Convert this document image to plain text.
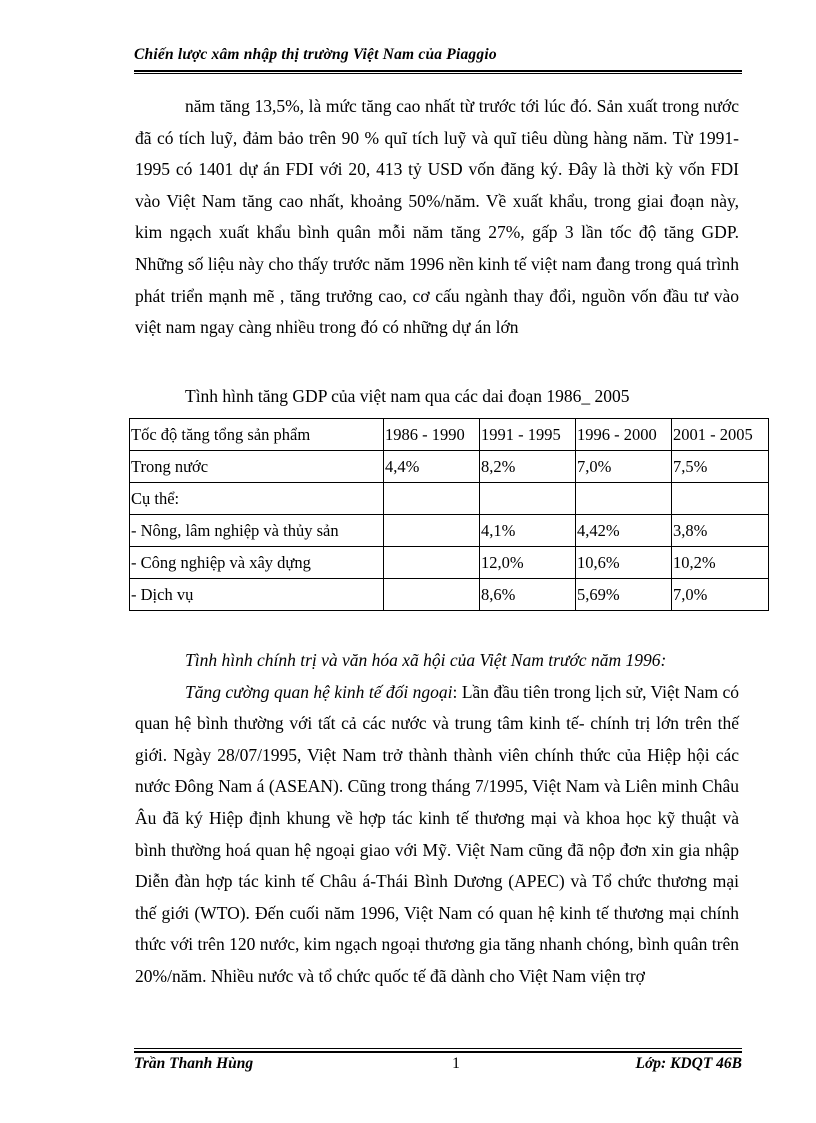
Chiến lược xâm nhập thị trường Việt Nam của Piaggio
năm tăng 13,5%, là mức tăng cao nhất từ trước tới lúc đó. Sản xuất trong nước đã có tích luỹ, đảm bảo trên 90 % quĩ tích luỹ và quĩ tiêu dùng hàng năm. Từ 1991- 1995 có 1401 dự án FDI với 20, 413 tỷ USD vốn đăng ký. Đây là thời kỳ vốn FDI vào Việt Nam tăng cao nhất, khoảng 50%/năm. Về xuất khẩu, trong giai đoạn này, kim ngạch xuất khẩu bình quân mỗi năm tăng 27%, gấp 3 lần tốc độ tăng GDP. Những số liệu này cho thấy trước năm 1996 nền kinh tế việt nam đang trong quá trình phát triển mạnh mẽ , tăng trưởng cao, cơ cấu ngành thay đổi, nguồn vốn đầu tư vào việt nam ngay càng nhiều trong đó có những dự án lớn
Tình hình tăng GDP của việt nam qua các dai đoạn 1986_ 2005
Tốc độ tăng tổng sản phẩm	1986 - 1990	1991 - 1995	1996 - 2000	2001 - 2005
Trong nước	4,4%	8,2%	7,0%	7,5%
Cụ thể:				
- Nông, lâm nghiệp và thủy sản		4,1%	4,42%	3,8%
- Công nghiệp và xây dựng		12,0%	10,6%	10,2%
- Dịch vụ		8,6%	5,69%	7,0%
Tình hình chính trị và văn hóa xã hội của Việt Nam trước năm 1996:
Tăng cường quan hệ kinh tế đối ngoại: Lần đầu tiên trong lịch sử, Việt Nam có quan hệ bình thường với tất cả các nước và trung tâm kinh tế- chính trị lớn trên thế giới. Ngày 28/07/1995, Việt Nam trở thành thành viên chính thức của Hiệp hội các nước Đông Nam á (ASEAN). Cũng trong tháng 7/1995, Việt Nam và Liên minh Châu Âu đã ký Hiệp định khung về hợp tác kinh tế thương mại và khoa học kỹ thuật và bình thường hoá quan hệ ngoại giao với Mỹ. Việt Nam cũng đã nộp đơn xin gia nhập Diễn đàn hợp tác kinh tế Châu á-Thái Bình Dương (APEC) và Tổ chức thương mại thế giới (WTO). Đến cuối năm 1996, Việt Nam có quan hệ kinh tế thương mại chính thức với trên 120 nước, kim ngạch ngoại thương gia tăng nhanh chóng, bình quân trên 20%/năm. Nhiều nước và tổ chức quốc tế đã dành cho Việt Nam viện trợ
Trần Thanh Hùng	1	Lớp: KDQT 46B
